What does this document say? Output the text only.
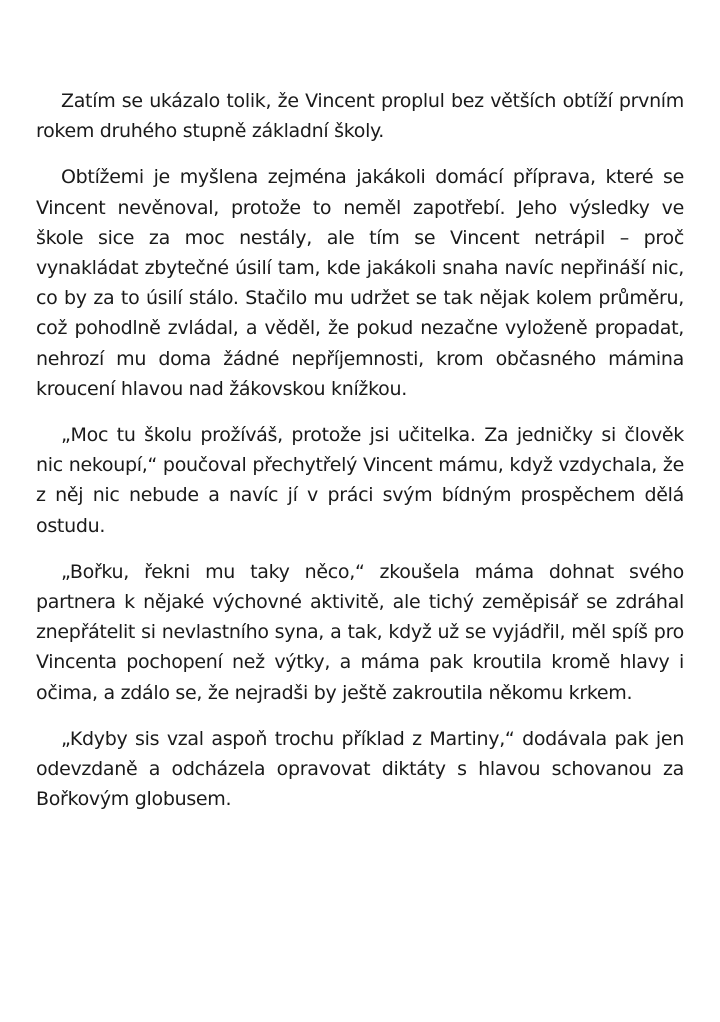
Zatím se ukázalo tolik, že Vincent proplul bez větších obtíží prvním rokem druhého stupně základní školy.

Obtížemi je myšlena zejména jakákoli domácí příprava, které se Vincent nevěnoval, protože to neměl zapotřebí. Jeho výsledky ve škole sice za moc nestály, ale tím se Vincent netrápil – proč vynakládat zbytečné úsilí tam, kde jakákoli snaha navíc nepřináší nic, co by za to úsilí stálo. Stačilo mu udržet se tak nějak kolem průměru, což pohodlně zvládal, a věděl, že pokud nezačne vyloženě propadat, nehrozí mu doma žádné nepříjemnosti, krom občasného mámina kroucení hlavou nad žákovskou knížkou.

„Moc tu školu prožíváš, protože jsi učitelka. Za jedničky si člověk nic nekoupí,“ poučoval přechytřelý Vincent mámu, když vzdychala, že z něj nic nebude a navíc jí v práci svým bídným prospěchem dělá ostudu.

„Bořku, řekni mu taky něco,“ zkoušela máma dohnat svého partnera k nějaké výchovné aktivitě, ale tichý zeměpisář se zdráhal znepřátelit si nevlastního syna, a tak, když už se vyjádřil, měl spíš pro Vincenta pochopení než výtky, a máma pak kroutila kromě hlavy i očima, a zdálo se, že nejradši by ještě zakroutila někomu krkem.

„Kdyby sis vzal aspoň trochu příklad z Martiny,“ dodávala pak jen odevzdaně a odcházela opravovat diktáty s hlavou schovanou za Bořkovým globusem.
